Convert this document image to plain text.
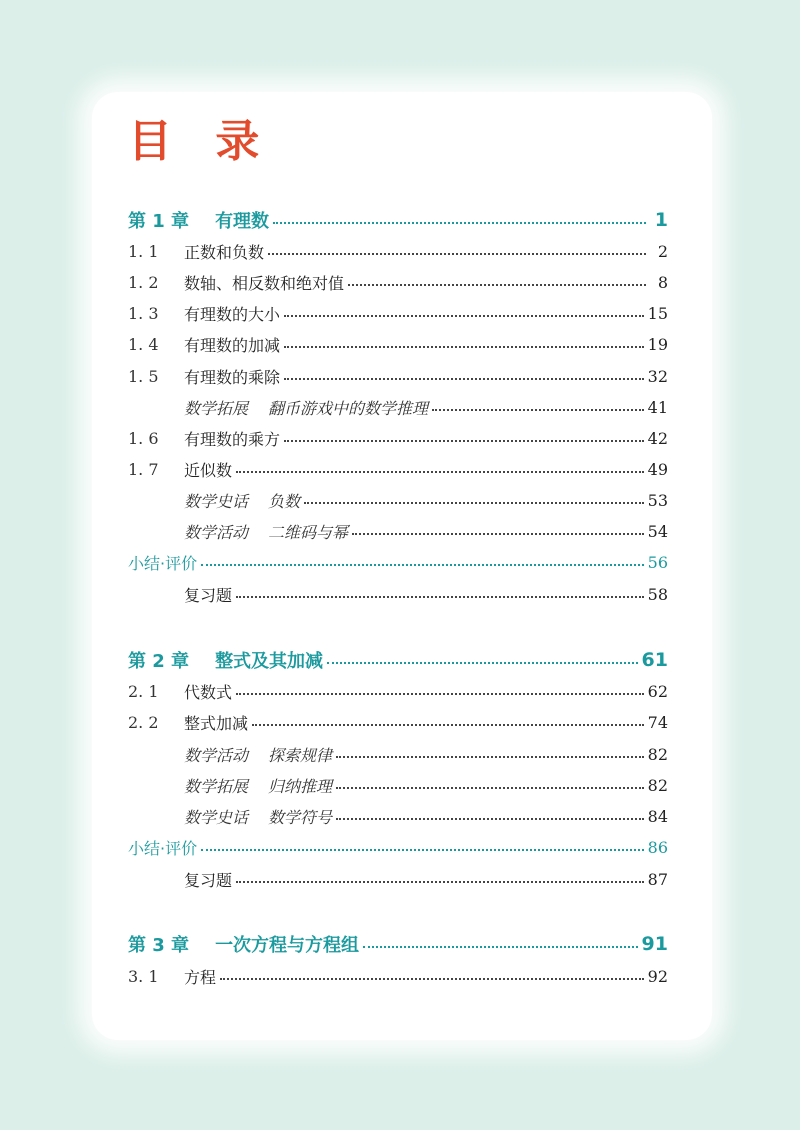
目 录
第 1 章 有理数	1
1. 1	正数和负数	2
1. 2	数轴、相反数和绝对值	8
1. 3	有理数的大小	15
1. 4	有理数的加减	19
1. 5	有理数的乘除	32
数学拓展 翻币游戏中的数学推理	41
1. 6	有理数的乘方	42
1. 7	近似数	49
数学史话 负数	53
数学活动 二维码与幂	54
小结·评价	56
复习题	58
第 2 章 整式及其加减	61
2. 1	代数式	62
2. 2	整式加减	74
数学活动 探索规律	82
数学拓展 归纳推理	82
数学史话 数学符号	84
小结·评价	86
复习题	87
第 3 章 一次方程与方程组	91
3. 1	方程	92
